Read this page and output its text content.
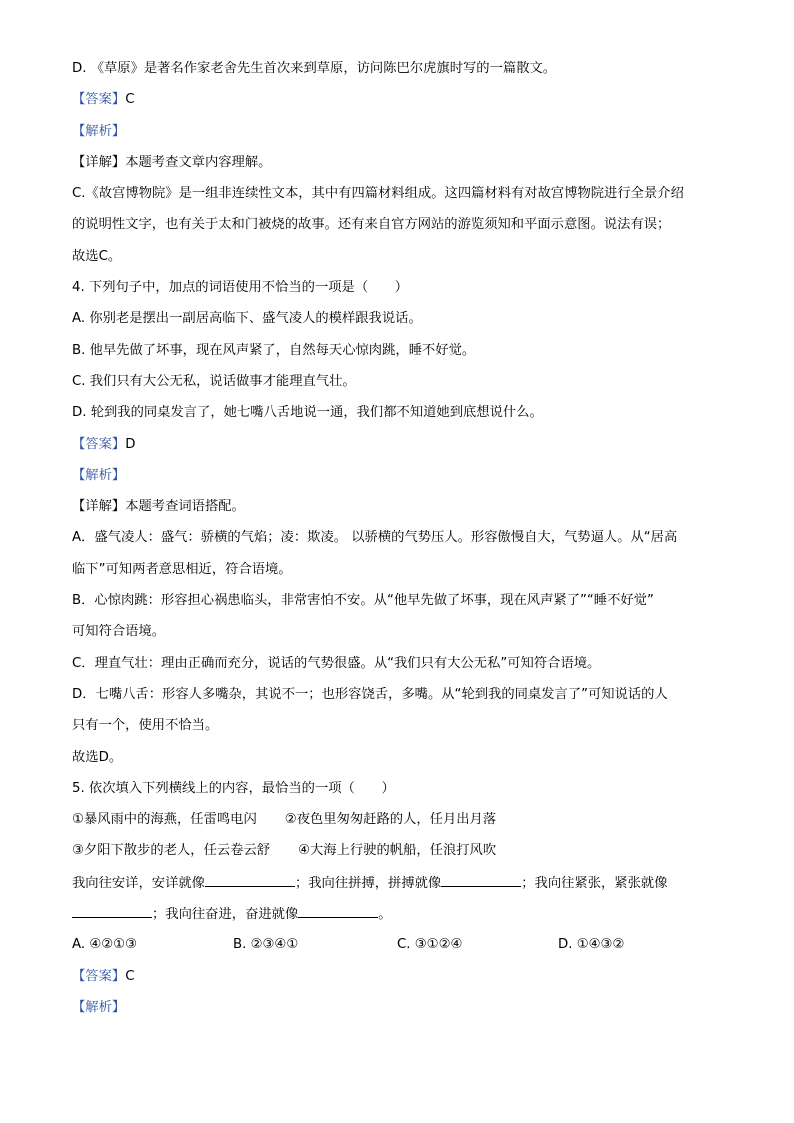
D. 《草原》是著名作家老舍先生首次来到草原，访问陈巴尔虎旗时写的一篇散文。
【答案】C
【解析】
【详解】本题考查文章内容理解。
C.《故宫博物院》是一组非连续性文本，其中有四篇材料组成。这四篇材料有对故宫博物院进行全景介绍
的说明性文字，也有关于太和门被烧的故事。还有来自官方网站的游览须知和平面示意图。说法有误；
故选C。
4. 下列句子中，加点的词语使用不恰当的一项是（　　）
A. 你别老是摆出一副居高临下、盛气凌人的模样跟我说话。
B. 他早先做了坏事，现在风声紧了，自然每天心惊肉跳，睡不好觉。
C. 我们只有大公无私，说话做事才能理直气壮。
D. 轮到我的同桌发言了，她七嘴八舌地说一通，我们都不知道她到底想说什么。
【答案】D
【解析】
【详解】本题考查词语搭配。
A．盛气凌人：盛气：骄横的气焰；凌：欺凌。 以骄横的气势压人。形容傲慢自大，气势逼人。从“居高
临下”可知两者意思相近，符合语境。
B．心惊肉跳：形容担心祸患临头，非常害怕不安。从“他早先做了坏事，现在风声紧了”“睡不好觉”
可知符合语境。
C．理直气壮：理由正确而充分，说话的气势很盛。从“我们只有大公无私”可知符合语境。
D．七嘴八舌：形容人多嘴杂，其说不一；也形容饶舌，多嘴。从“轮到我的同桌发言了”可知说话的人
只有一个，使用不恰当。
故选D。
5. 依次填入下列横线上的内容，最恰当的一项（　　）
①暴风雨中的海燕，任雷鸣电闪 ②夜色里匆匆赶路的人，任月出月落
③夕阳下散步的老人，任云卷云舒 ④大海上行驶的帆船，任浪打风吹
我向往安详，安详就像	；我向往拼搏，拼搏就像	；我向往紧张，紧张就像
；我向往奋进，奋进就像	。
A. ④②①③	B. ②③④①	C. ③①②④	D. ①④③②
【答案】C
【解析】
